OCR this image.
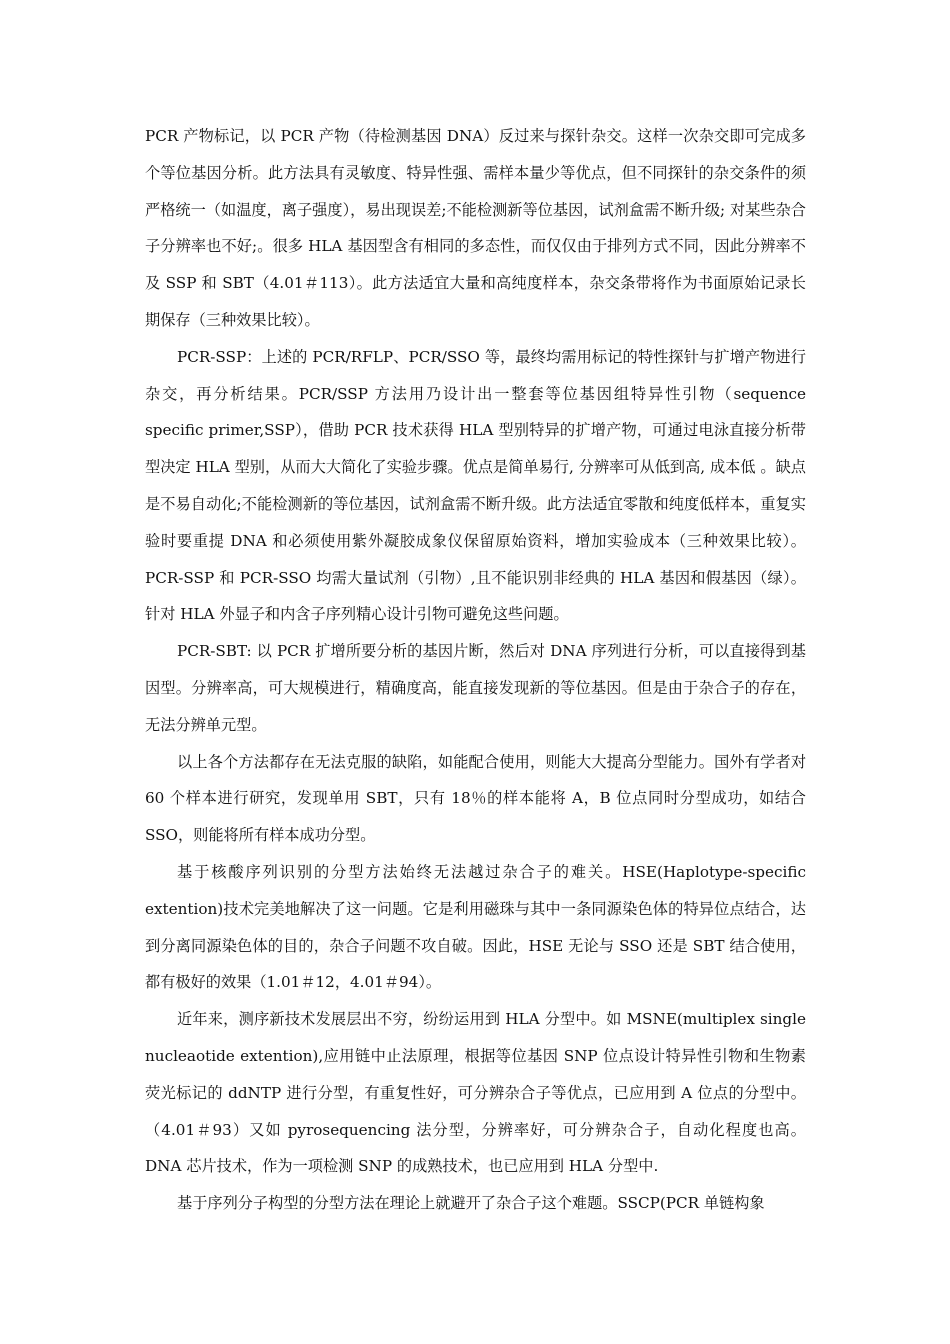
PCR 产物标记，以 PCR 产物（待检测基因 DNA）反过来与探针杂交。这样一次杂交即可完成多个等位基因分析。此方法具有灵敏度、特异性强、需样本量少等优点，但不同探针的杂交条件的须严格统一（如温度，离子强度），易出现误差;不能检测新等位基因，试剂盒需不断升级; 对某些杂合子分辨率也不好;。很多 HLA 基因型含有相同的多态性，而仅仅由于排列方式不同，因此分辨率不及 SSP 和 SBT（4.01＃113）。此方法适宜大量和高纯度样本，杂交条带将作为书面原始记录长期保存（三种效果比较）。

PCR-SSP：上述的 PCR/RFLP、PCR/SSO 等，最终均需用标记的特性探针与扩增产物进行杂交，再分析结果。PCR/SSP 方法用乃设计出一整套等位基因组特异性引物（sequence specific primer,SSP），借助 PCR 技术获得 HLA 型别特异的扩增产物，可通过电泳直接分析带型决定 HLA 型别，从而大大简化了实验步骤。优点是简单易行, 分辨率可从低到高, 成本低 。缺点是不易自动化;不能检测新的等位基因，试剂盒需不断升级。此方法适宜零散和纯度低样本，重复实验时要重提 DNA 和必须使用紫外凝胶成象仪保留原始资料，增加实验成本（三种效果比较）。PCR-SSP 和 PCR-SSO 均需大量试剂（引物）,且不能识别非经典的 HLA 基因和假基因（绿）。针对 HLA 外显子和内含子序列精心设计引物可避免这些问题。

PCR-SBT: 以 PCR 扩增所要分析的基因片断，然后对 DNA 序列进行分析，可以直接得到基因型。分辨率高，可大规模进行，精确度高，能直接发现新的等位基因。但是由于杂合子的存在，无法分辨单元型。

以上各个方法都存在无法克服的缺陷，如能配合使用，则能大大提高分型能力。国外有学者对 60 个样本进行研究，发现单用 SBT，只有 18％的样本能将 A，B 位点同时分型成功，如结合 SSO，则能将所有样本成功分型。

基于核酸序列识别的分型方法始终无法越过杂合子的难关。HSE(Haplotype-specific extention)技术完美地解决了这一问题。它是利用磁珠与其中一条同源染色体的特异位点结合，达到分离同源染色体的目的，杂合子问题不攻自破。因此，HSE 无论与 SSO 还是 SBT 结合使用，都有极好的效果（1.01＃12，4.01＃94）。

近年来，测序新技术发展层出不穷，纷纷运用到 HLA 分型中。如 MSNE(multiplex single nucleaotide extention),应用链中止法原理，根据等位基因 SNP 位点设计特异性引物和生物素荧光标记的 ddNTP 进行分型，有重复性好，可分辨杂合子等优点，已应用到 A 位点的分型中。（4.01＃93）又如 pyrosequencing 法分型，分辨率好，可分辨杂合子，自动化程度也高。DNA 芯片技术，作为一项检测 SNP 的成熟技术，也已应用到 HLA 分型中.

基于序列分子构型的分型方法在理论上就避开了杂合子这个难题。SSCP(PCR 单链构象
